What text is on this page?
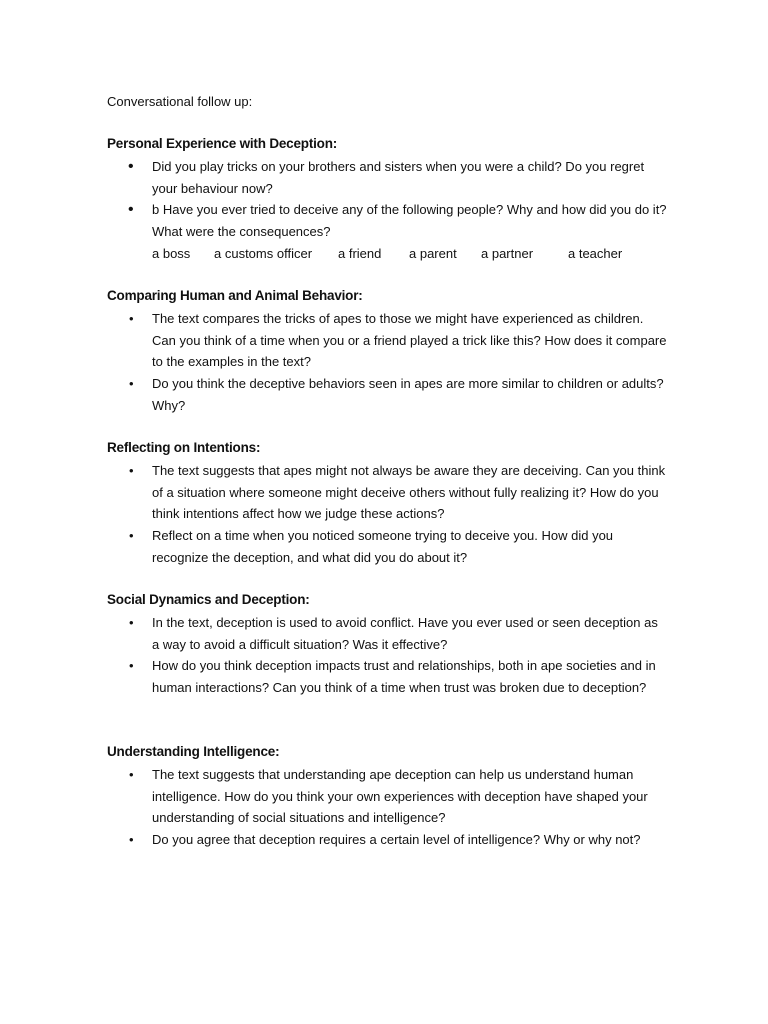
Conversational follow up:

Personal Experience with Deception:
• Did you play tricks on your brothers and sisters when you were a child? Do you regret your behaviour now?
• b Have you ever tried to deceive any of the following people? Why and how did you do it? What were the consequences?
a boss a customs officer a friend a parent a partner	a teacher
Comparing Human and Animal Behavior:
• The text compares the tricks of apes to those we might have experienced as children. Can you think of a time when you or a friend played a trick like this? How does it compare to the examples in the text?
• Do you think the deceptive behaviors seen in apes are more similar to children or adults? Why?
Reflecting on Intentions:
• The text suggests that apes might not always be aware they are deceiving. Can you think of a situation where someone might deceive others without fully realizing it? How do you think intentions affect how we judge these actions?
• Reflect on a time when you noticed someone trying to deceive you. How did you recognize the deception, and what did you do about it?
Social Dynamics and Deception:
• In the text, deception is used to avoid conflict. Have you ever used or seen deception as a way to avoid a difficult situation? Was it effective?
• How do you think deception impacts trust and relationships, both in ape societies and in human interactions? Can you think of a time when trust was broken due to deception?
Understanding Intelligence:
• The text suggests that understanding ape deception can help us understand human intelligence. How do you think your own experiences with deception have shaped your understanding of social situations and intelligence?
• Do you agree that deception requires a certain level of intelligence? Why or why not?
